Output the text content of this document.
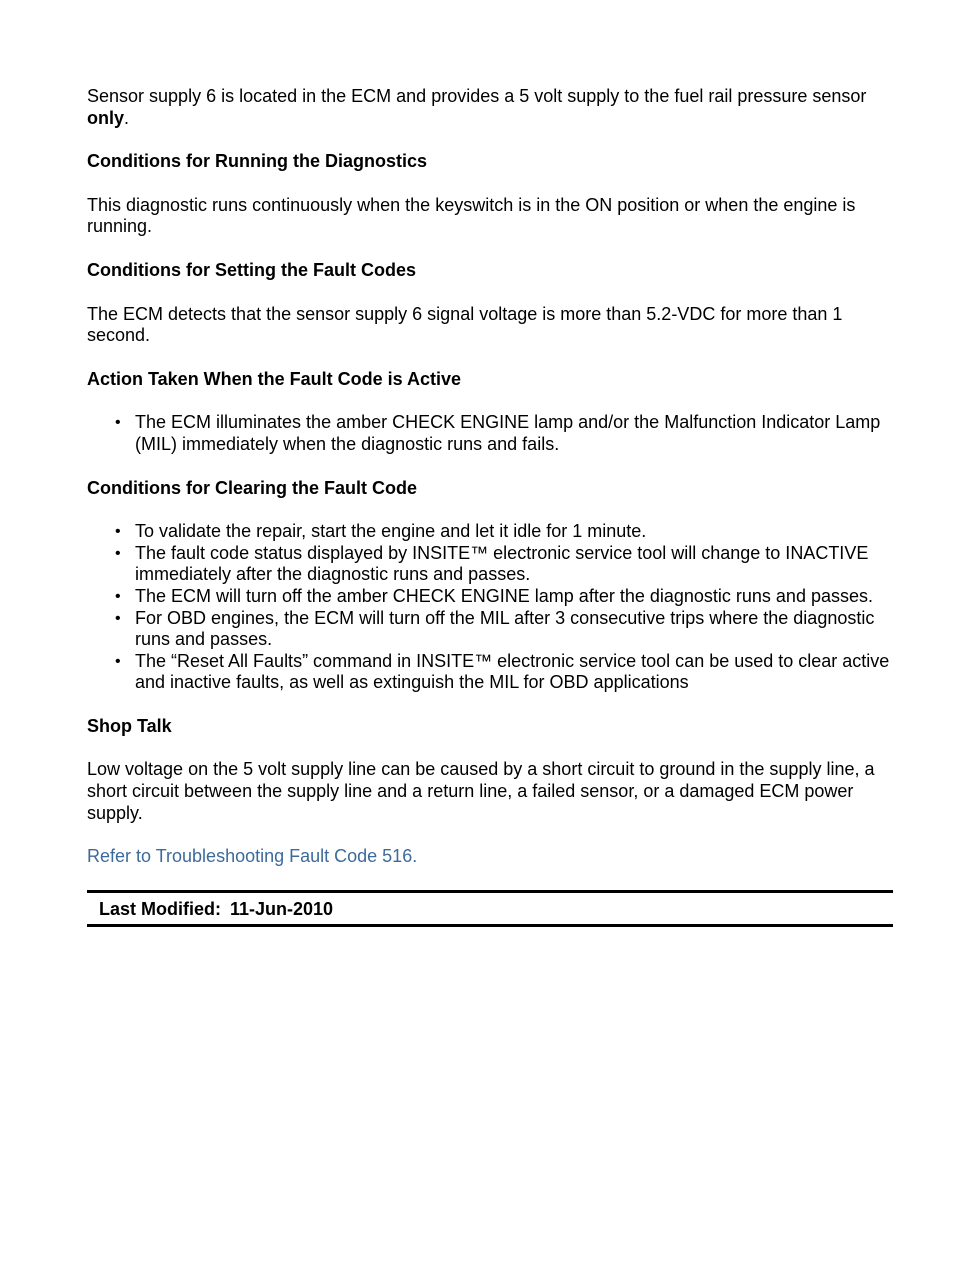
Sensor supply 6 is located in the ECM and provides a 5 volt supply to the fuel rail pressure sensor only.

Conditions for Running the Diagnostics

This diagnostic runs continuously when the keyswitch is in the ON position or when the engine is running.

Conditions for Setting the Fault Codes

The ECM detects that the sensor supply 6 signal voltage is more than 5.2-VDC for more than 1 second.

Action Taken When the Fault Code is Active
• The ECM illuminates the amber CHECK ENGINE lamp and/or the Malfunction Indicator Lamp (MIL) immediately when the diagnostic runs and fails.
Conditions for Clearing the Fault Code
• To validate the repair, start the engine and let it idle for 1 minute.
• The fault code status displayed by INSITE™ electronic service tool will change to INACTIVE immediately after the diagnostic runs and passes.
• The ECM will turn off the amber CHECK ENGINE lamp after the diagnostic runs and passes.
• For OBD engines, the ECM will turn off the MIL after 3 consecutive trips where the diagnostic runs and passes.
• The “Reset All Faults” command in INSITE™ electronic service tool can be used to clear active and inactive faults, as well as extinguish the MIL for OBD applications
Shop Talk

Low voltage on the 5 volt supply line can be caused by a short circuit to ground in the supply line, a short circuit between the supply line and a return line, a failed sensor, or a damaged ECM power supply.

Refer to Troubleshooting Fault Code 516.

Last Modified: 11-Jun-2010
